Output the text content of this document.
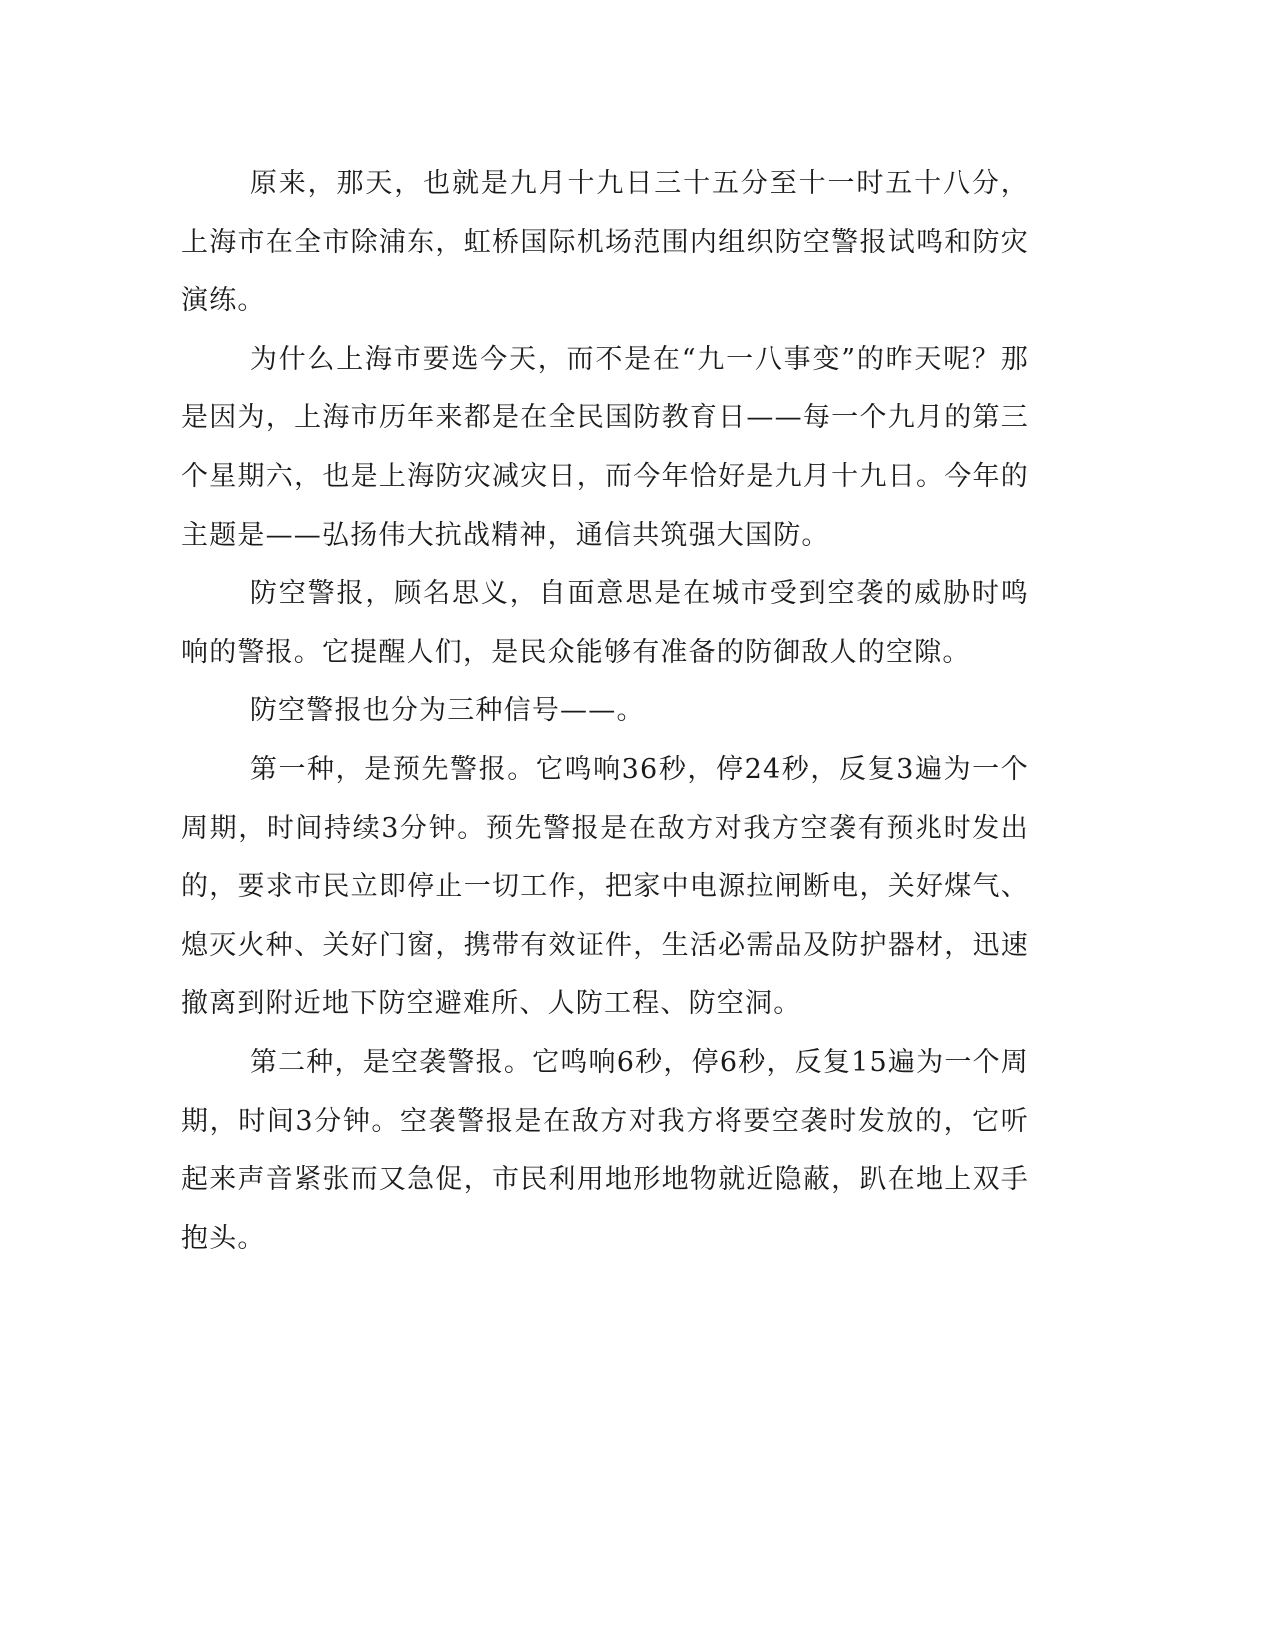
原来，那天，也就是九月十九日三十五分至十一时五十八分，上海市在全市除浦东，虹桥国际机场范围内组织防空警报试鸣和防灾演练。

为什么上海市要选今天，而不是在“九一八事变”的昨天呢？那是因为，上海市历年来都是在全民国防教育日——每一个九月的第三个星期六，也是上海防灾减灾日，而今年恰好是九月十九日。今年的主题是——弘扬伟大抗战精神，通信共筑强大国防。

防空警报，顾名思义，自面意思是在城市受到空袭的威胁时鸣响的警报。它提醒人们，是民众能够有准备的防御敌人的空隙。

防空警报也分为三种信号——。

第一种，是预先警报。它鸣响36秒，停24秒，反复3遍为一个周期，时间持续3分钟。预先警报是在敌方对我方空袭有预兆时发出的，要求市民立即停止一切工作，把家中电源拉闸断电，关好煤气、熄灭火种、关好门窗，携带有效证件，生活必需品及防护器材，迅速撤离到附近地下防空避难所、人防工程、防空洞。

第二种，是空袭警报。它鸣响6秒，停6秒，反复15遍为一个周期，时间3分钟。空袭警报是在敌方对我方将要空袭时发放的，它听起来声音紧张而又急促，市民利用地形地物就近隐蔽，趴在地上双手抱头。
